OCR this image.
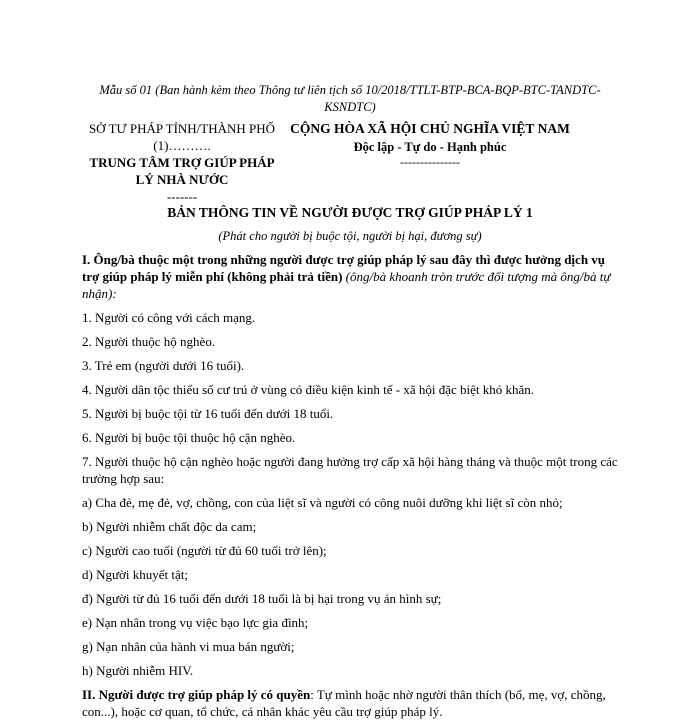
Mẫu số 01 (Ban hành kèm theo Thông tư liên tịch số 10/2018/TTLT-BTP-BCA-BQP-BTC-TANDTC-KSNDTC)
SỞ TƯ PHÁP TỈNH/THÀNH PHỐ (1)……….
TRUNG TÂM TRỢ GIÚP PHÁP LÝ NHÀ NƯỚC
-------
CỘNG HÒA XÃ HỘI CHỦ NGHĨA VIỆT NAM
Độc lập - Tự do - Hạnh phúc
---------------
BẢN THÔNG TIN VỀ NGƯỜI ĐƯỢC TRỢ GIÚP PHÁP LÝ 1
(Phát cho người bị buộc tội, người bị hại, đương sự)

I. Ông/bà thuộc một trong những người được trợ giúp pháp lý sau đây thì được hưởng dịch vụ trợ giúp pháp lý miễn phí (không phải trả tiền) (ông/bà khoanh tròn trước đối tượng mà ông/bà tự nhận):

1. Người có công với cách mạng.

2. Người thuộc hộ nghèo.

3. Trẻ em (người dưới 16 tuổi).

4. Người dân tộc thiểu số cư trú ở vùng có điều kiện kinh tế - xã hội đặc biệt khó khăn.

5. Người bị buộc tội từ 16 tuổi đến dưới 18 tuổi.

6. Người bị buộc tội thuộc hộ cận nghèo.

7. Người thuộc hộ cận nghèo hoặc người đang hưởng trợ cấp xã hội hàng tháng và thuộc một trong các trường hợp sau:

a) Cha đẻ, mẹ đẻ, vợ, chồng, con của liệt sĩ và người có công nuôi dưỡng khi liệt sĩ còn nhỏ;

b) Người nhiễm chất độc da cam;

c) Người cao tuổi (người từ đủ 60 tuổi trở lên);

d) Người khuyết tật;

đ) Người từ đủ 16 tuổi đến dưới 18 tuổi là bị hại trong vụ án hình sự;

e) Nạn nhân trong vụ việc bạo lực gia đình;

g) Nạn nhân của hành vi mua bán người;

h) Người nhiễm HIV.

II. Người được trợ giúp pháp lý có quyền: Tự mình hoặc nhờ người thân thích (bố, mẹ, vợ, chồng, con...), hoặc cơ quan, tổ chức, cá nhân khác yêu cầu trợ giúp pháp lý.
